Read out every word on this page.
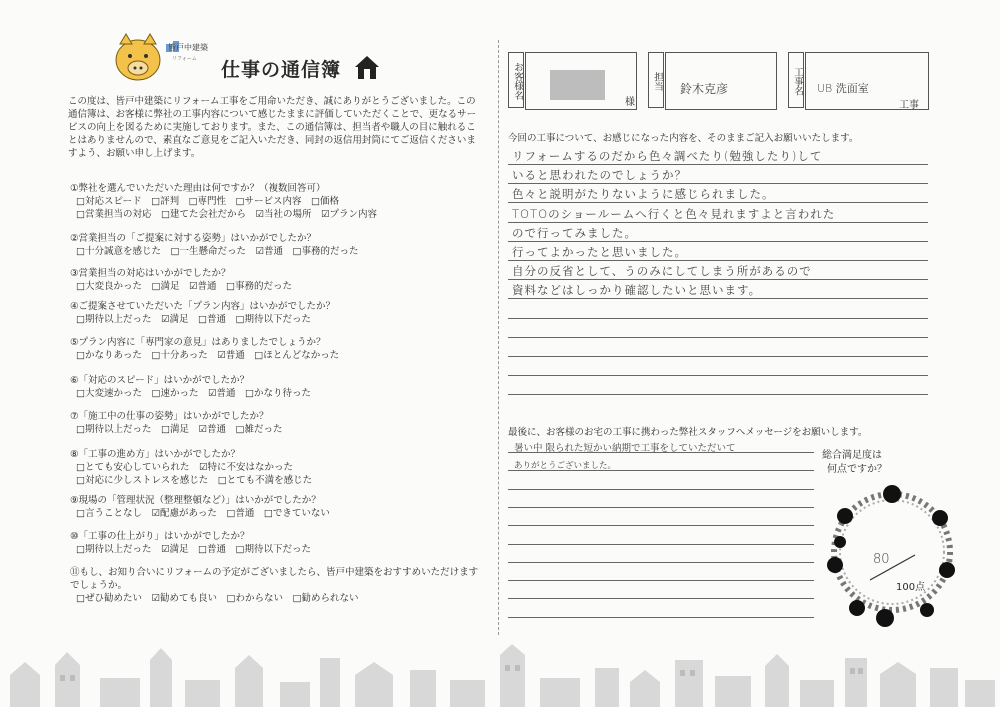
皆戸中建築
リフォーム 仕事の通信簿
この度は、皆戸中建築にリフォーム工事をご用命いただき、誠にありがとうございました。この通信簿は、お客様に弊社の工事内容について感じたままに評価していただくことで、更なるサービスの向上を図るために実施しております。また、この通信簿は、担当者や職人の目に触れることはありませんので、素直なご意見をご記入いただき、同封の返信用封筒にてご返信くださいますよう、お願い申し上げます。
①弊社を選んでいただいた理由は何ですか？（複数回答可）
□対応スピード　□評判　□専門性　□サービス内容　□価格
□営業担当の対応　□建てた会社だから　☑当社の場所　☑プラン内容
②営業担当の「ご提案に対する姿勢」はいかがでしたか？
□十分誠意を感じた　□一生懸命だった　☑普通　□事務的だった
③営業担当の対応はいかがでしたか？
□大変良かった　□満足　☑普通　□事務的だった
④ご提案させていただいた「プラン内容」はいかがでしたか？
□期待以上だった　☑満足　□普通　□期待以下だった
⑤プラン内容に「専門家の意見」はありましたでしょうか？
□かなりあった　□十分あった　☑普通　□ほとんどなかった
⑥「対応のスピード」はいかがでしたか？
□大変速かった　□速かった　☑普通　□かなり待った
⑦「施工中の仕事の姿勢」はいかがでしたか？
□期待以上だった　□満足　☑普通　□雑だった
⑧「工事の進め方」はいかがでしたか？
□とても安心していられた　☑特に不安はなかった
□対応に少しストレスを感じた　□とても不満を感じた
⑨現場の「管理状況（整理整頓など）」はいかがでしたか？
□言うことなし　☑配慮があった　□普通　□できていない
⑩「工事の仕上がり」はいかがでしたか？
□期待以上だった　☑満足　□普通　□期待以下だった
⑪もし、お知り合いにリフォームの予定がございましたら、皆戸中建築をおすすめいただけますでしょうか。
□ぜひ勧めたい　☑勧めても良い　□わからない　□勧められない
お客様名
様
担当 鈴木克彦	工事名 UB 洗面室
工事
今回の工事について、お感じになった内容を、そのままご記入お願いいたします。
リフォームするのだから色々調べたり(勉強したり)して
いると思われたのでしょうか？
色々と説明がたりないように感じられました。
TOTOのショールームへ行くと色々見れますよと言われた
ので行ってみました。
行ってよかったと思いました。
自分の反省として、うのみにしてしまう所があるので
資料などはしっかり確認したいと思います。
最後に、お客様のお宅の工事に携わった弊社スタッフへメッセージをお願いします。
暑い中 限られた短かい納期で工事をしていただいて
ありがとうございました。
総合満足度は
何点ですか？
80
100点
